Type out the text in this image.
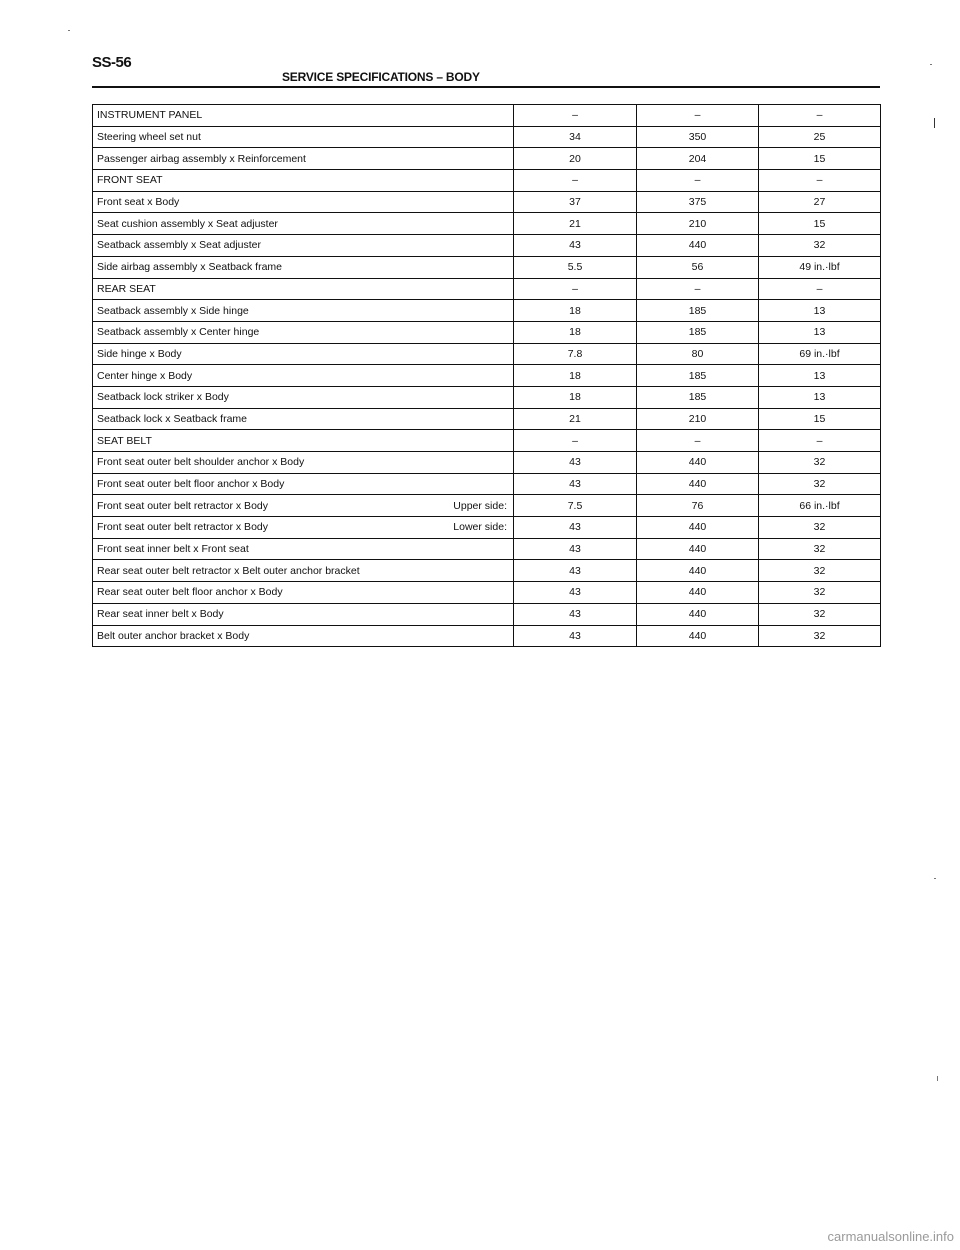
SS-56
SERVICE SPECIFICATIONS – BODY
INSTRUMENT PANEL	–	–	–

Steering wheel set nut	34	350	25

Passenger airbag assembly x Reinforcement	20	204	15

FRONT SEAT	–	–	–

Front seat x Body	37	375	27

Seat cushion assembly x Seat adjuster	21	210	15

Seatback assembly x Seat adjuster	43	440	32

Side airbag assembly x Seatback frame	5.5	56	49 in.·lbf

REAR SEAT	–	–	–

Seatback assembly x Side hinge	18	185	13

Seatback assembly x Center hinge	18	185	13

Side hinge x Body	7.8	80	69 in.·lbf

Center hinge x Body	18	185	13

Seatback lock striker x Body	18	185	13

Seatback lock x Seatback frame	21	210	15

SEAT BELT	–	–	–

Front seat outer belt shoulder anchor x Body	43	440	32

Front seat outer belt floor anchor x Body	43	440	32

Front seat outer belt retractor x Body Upper side:	7.5	76	66 in.·lbf

Front seat outer belt retractor x Body Lower side:	43	440	32

Front seat inner belt x Front seat	43	440	32

Rear seat outer belt retractor x Belt outer anchor bracket	43	440	32

Rear seat outer belt floor anchor x Body	43	440	32

Rear seat inner belt x Body	43	440	32

Belt outer anchor bracket x Body	43	440	32
carmanualsonline.info
